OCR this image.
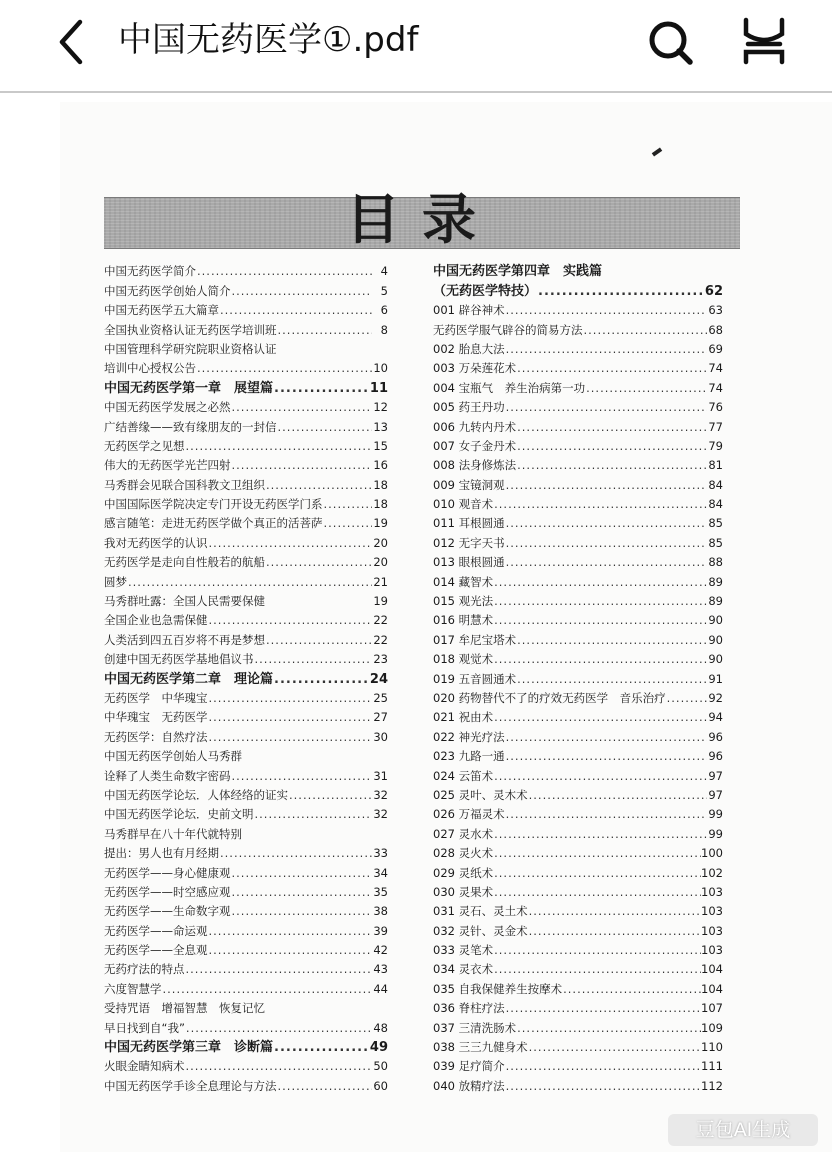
中国无药医学①.pdf
目录
中国无药医学简介 .....	4
中国无药医学创始人简介 .....	5
中国无药医学五大篇章 .....	6
全国执业资格认证无药医学培训班 .....	8
中国管理科学研究院职业资格认证
培训中心授权公告 .....	10
中国无药医学第一章　展望篇 .....	11
中国无药医学发展之必然 .....	12
广结善缘——致有缘朋友的一封信 .....	13
无药医学之见想 .....	15
伟大的无药医学光芒四射 .....	16
马秀群会见联合国科教文卫组织 .....	18
中国国际医学院决定专门开设无药医学门系 .....	18
感言随笔：走进无药医学做个真正的活菩萨 .....	19
我对无药医学的认识 .....	20
无药医学是走向自性般若的航船 .....	20
圆梦 .....	21
马秀群吐露：全国人民需要保健	19
全国企业也急需保健 .....	22
人类活到四五百岁将不再是梦想 .....	22
创建中国无药医学基地倡议书 .....	23
中国无药医学第二章　理论篇 .....	24
无药医学　中华瑰宝 .....	25
中华瑰宝　无药医学 .....	27
无药医学：自然疗法 .....	30
中国无药医学创始人马秀群
诠释了人类生命数字密码 .....	31
中国无药医学论坛．人体经络的证实 .....	32
中国无药医学论坛．史前文明 .....	32
马秀群早在八十年代就特别
提出：男人也有月经期 .....	33
无药医学——身心健康观 .....	34
无药医学——时空感应观 .....	35
无药医学——生命数字观 .....	38
无药医学——命运观 .....	39
无药医学——全息观 .....	42
无药疗法的特点 .....	43
六度智慧学 .....	44
受持咒语　增福智慧　恢复记忆
早日找到自“我” .....	48
中国无药医学第三章　诊断篇 .....	49
火眼金睛知病术 .....	50
中国无药医学手诊全息理论与方法 .....	60
中国无药医学第四章　实践篇
（无药医学特技） .....	62
001 辟谷神术 .....	63
无药医学服气辟谷的简易方法 .....	68
002 胎息大法 .....	69
003 万朵莲花术 .....	74
004 宝瓶气　养生治病第一功 .....	74
005 药王丹功 .....	76
006 九转内丹术 .....	77
007 女子金丹术 .....	79
008 法身修炼法 .....	81
009 宝镜洞观 .....	84
010 观音术 .....	84
011 耳根圆通 .....	85
012 无字天书 .....	85
013 眼根圆通 .....	88
014 藏智术 .....	89
015 观光法 .....	89
016 明慧术 .....	90
017 牟尼宝塔术 .....	90
018 观觉术 .....	90
019 五音圆通术 .....	91
020 药物替代不了的疗效无药医学　音乐治疗 .....	92
021 祝由术 .....	94
022 神光疗法 .....	96
023 九路一通 .....	96
024 云笛术 .....	97
025 灵叶、灵木术 .....	97
026 万福灵术 .....	99
027 灵水术 .....	99
028 灵火术 .....	100
029 灵纸术 .....	102
030 灵果术 .....	103
031 灵石、灵土术 .....	103
032 灵针、灵金术 .....	103
033 灵笔术 .....	103
034 灵衣术 .....	104
035 自我保健养生按摩术 .....	104
036 脊柱疗法 .....	107
037 三清洗肠术 .....	109
038 三三九健身术 .....	110
039 足疗简介 .....	111
040 放精疗法 .....	112
豆包AI生成
